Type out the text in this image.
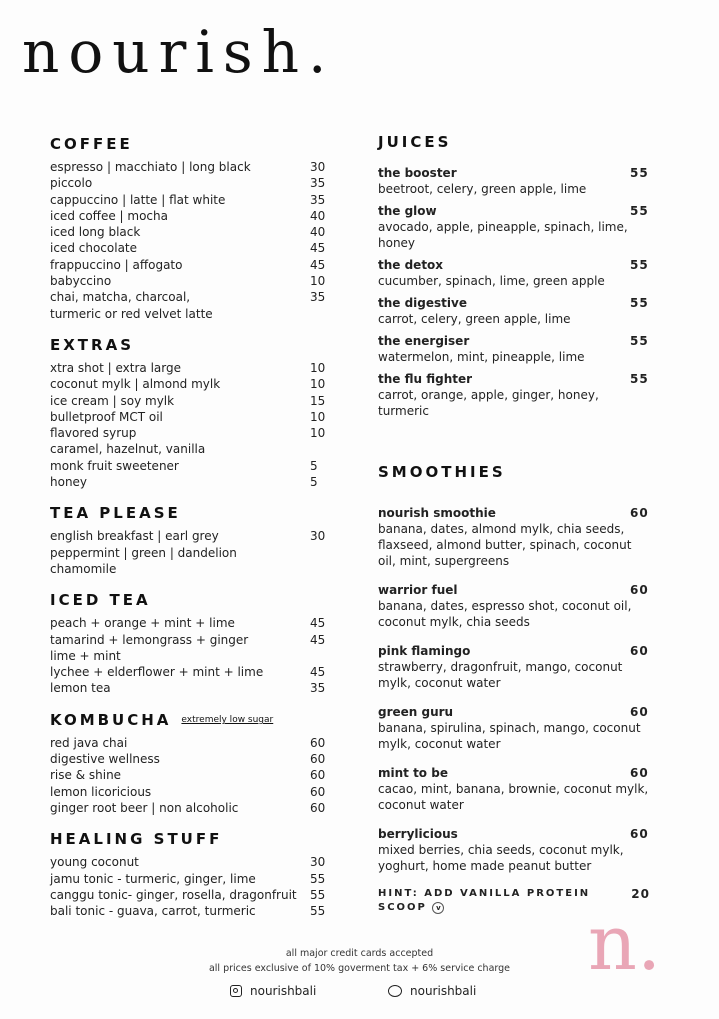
nourish.
COFFEE
espresso | macchiato | long black	30
piccolo	35
cappuccino | latte | flat white	35
iced coffee | mocha	40
iced long black	40
iced chocolate	45
frappuccino | affogato	45
babyccino	10
chai, matcha, charcoal,	35
turmeric or red velvet latte
EXTRAS
xtra shot | extra large	10
coconut mylk | almond mylk	10
ice cream | soy mylk	15
bulletproof MCT oil	10
flavored syrup	10
caramel, hazelnut, vanilla
monk fruit sweetener	5
honey	5
TEA PLEASE
english breakfast | earl grey	30
peppermint | green | dandelion
chamomile
ICED TEA
peach + orange + mint + lime	45
tamarind + lemongrass + ginger	45
lime + mint
lychee + elderflower + mint + lime	45
lemon tea	35
KOMBUCHA extremely low sugar
red java chai	60
digestive wellness	60
rise & shine	60
lemon licoricious	60
ginger root beer | non alcoholic	60
HEALING STUFF
young coconut	30
jamu tonic - turmeric, ginger, lime	55
canggu tonic- ginger, rosella, dragonfruit 55
bali tonic - guava, carrot, turmeric	55
JUICES
the booster	55
beetroot, celery, green apple, lime
the glow	55
avocado, apple, pineapple, spinach, lime, honey
the detox	55
cucumber, spinach, lime, green apple
the digestive	55
carrot, celery, green apple, lime
the energiser	55
watermelon, mint, pineapple, lime
the flu fighter	55
carrot, orange, apple, ginger, honey, turmeric
SMOOTHIES
nourish smoothie	60
banana, dates, almond mylk, chia seeds, flaxseed, almond butter, spinach, coconut oil, mint, supergreens
warrior fuel	60
banana, dates, espresso shot, coconut oil, coconut mylk, chia seeds
pink flamingo	60
strawberry, dragonfruit, mango, coconut mylk, coconut water
green guru	60
banana, spirulina, spinach, mango, coconut mylk, coconut water
mint to be	60
cacao, mint, banana, brownie, coconut mylk, coconut water
berrylicious	60
mixed berries, chia seeds, coconut mylk, yoghurt, home made peanut butter
HINT: ADD VANILLA PROTEIN SCOOP v
20
all major credit cards accepted
all prices exclusive of 10% goverment tax + 6% service charge
nourishbali	nourishbali
n.
